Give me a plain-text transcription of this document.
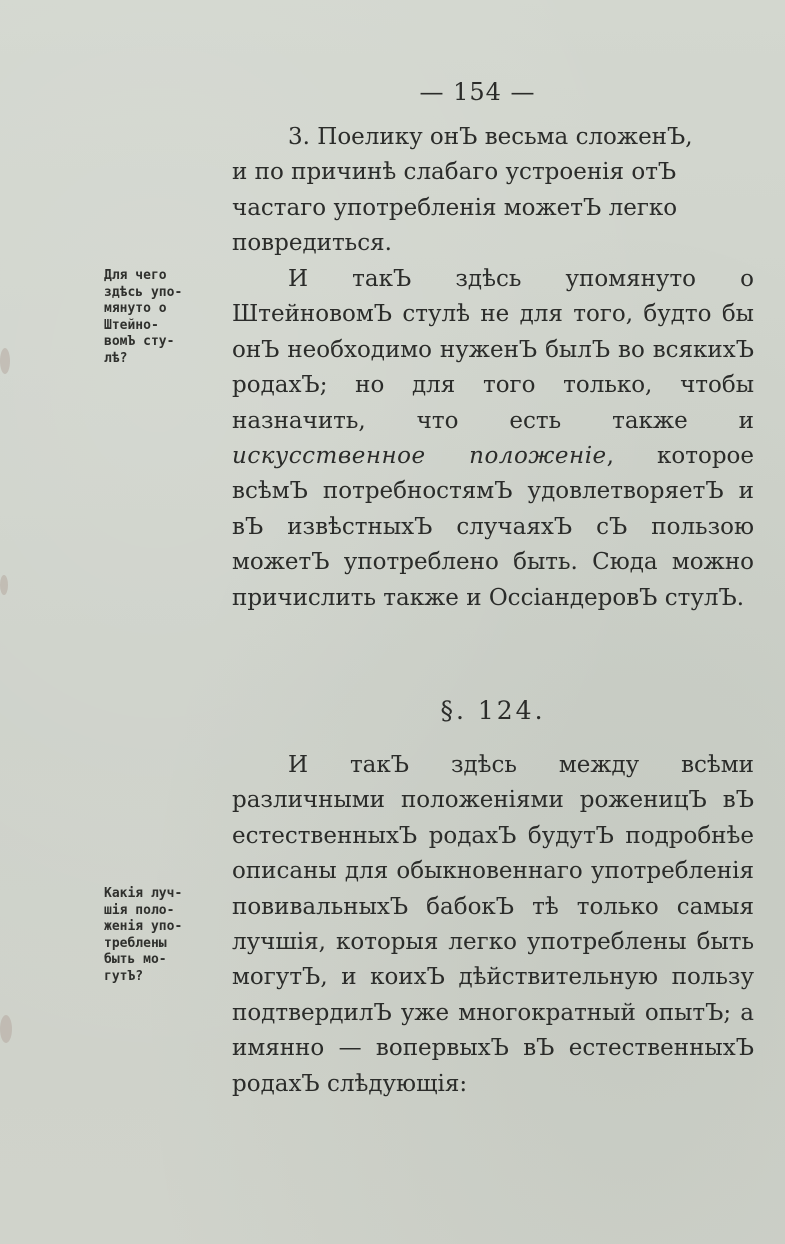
— 154 —

3. Поелику онЪ весьма сложенЪ,

и по причинѣ слабаго устроенія отЪ

частаго употребленія можетЪ легко

повредиться.

И такЪ здѣсь упомянуто о ШтейновомЪ стулѣ не для того, будто бы онЪ необходимо нуженЪ былЪ во всякихЪ родахЪ; но для того только, чтобы назначить, что есть также и искусственное положеніе, которое всѣмЪ потребностямЪ удовлетворяетЪ и вЪ извѣстныхЪ случаяхЪ сЪ пользою можетЪ употреблено быть. Сюда можно причислить также и ОссіандеровЪ стулЪ.

§. 124.

И такЪ здѣсь между всѣми различными положеніями рожeницЪ вЪ естественныхЪ родахЪ будутЪ подробнѣе описаны для обыкновеннаго употребленія повивальныхЪ бабокЪ тѣ только самыя лучшія, которыя легко употреблены быть могутЪ, и коихЪ дѣйствительную пользу подтвердилЪ уже многократный опытЪ; а имянно — вопервыхЪ вЪ естественныхЪ родахЪ слѣдующія:

Для чего

здѣсь упо-

мянуто о

Штейно-

вомЪ сту-

лѣ?

Какія луч-

шія поло-

женія упо-

треблены

быть мо-

гутЪ?
